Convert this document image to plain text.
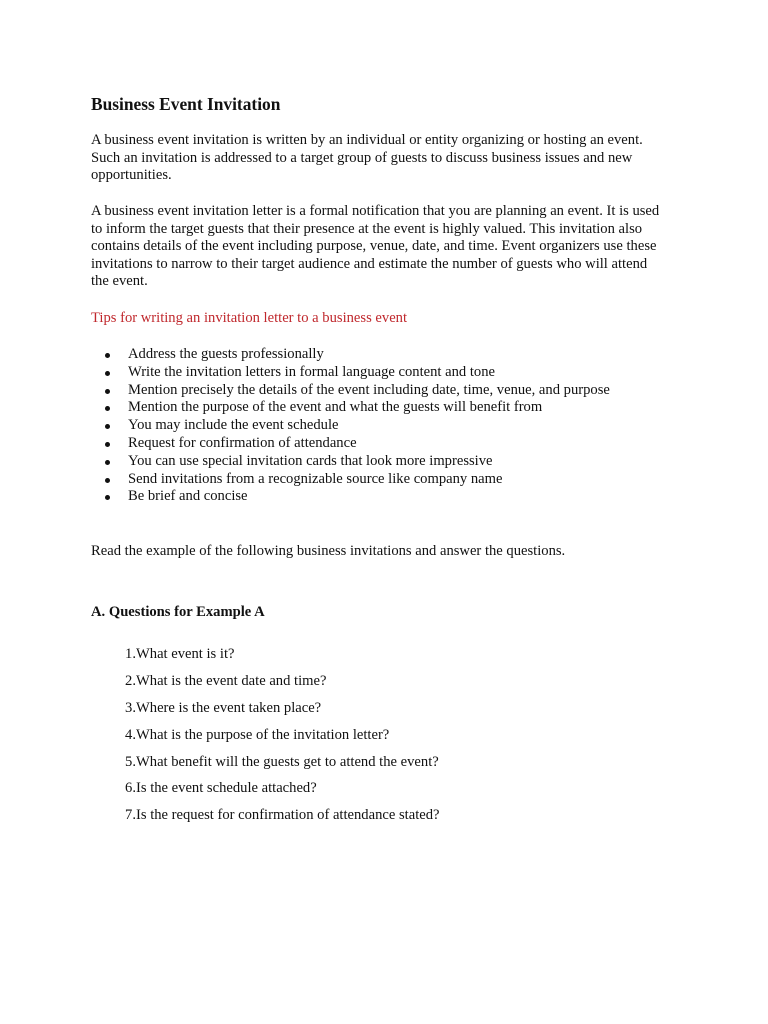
Business Event Invitation

A business event invitation is written by an individual or entity organizing or hosting an event.
Such an invitation is addressed to a target group of guests to discuss business issues and new
opportunities.

A business event invitation letter is a formal notification that you are planning an event. It is used
to inform the target guests that their presence at the event is highly valued. This invitation also
contains details of the event including purpose, venue, date, and time. Event organizers use these
invitations to narrow to their target audience and estimate the number of guests who will attend
the event.

Tips for writing an invitation letter to a business event

Address the guests professionally
Write the invitation letters in formal language content and tone
Mention precisely the details of the event including date, time, venue, and purpose
Mention the purpose of the event and what the guests will benefit from
You may include the event schedule
Request for confirmation of attendance
You can use special invitation cards that look more impressive
Send invitations from a recognizable source like company name
Be brief and concise

Read the example of the following business invitations and answer the questions.

A. Questions for Example A

1. What event is it?
2. What is the event date and time?
3. Where is the event taken place?
4. What is the purpose of the invitation letter?
5. What benefit will the guests get to attend the event?
6. Is the event schedule attached?
7. Is the request for confirmation of attendance stated?
